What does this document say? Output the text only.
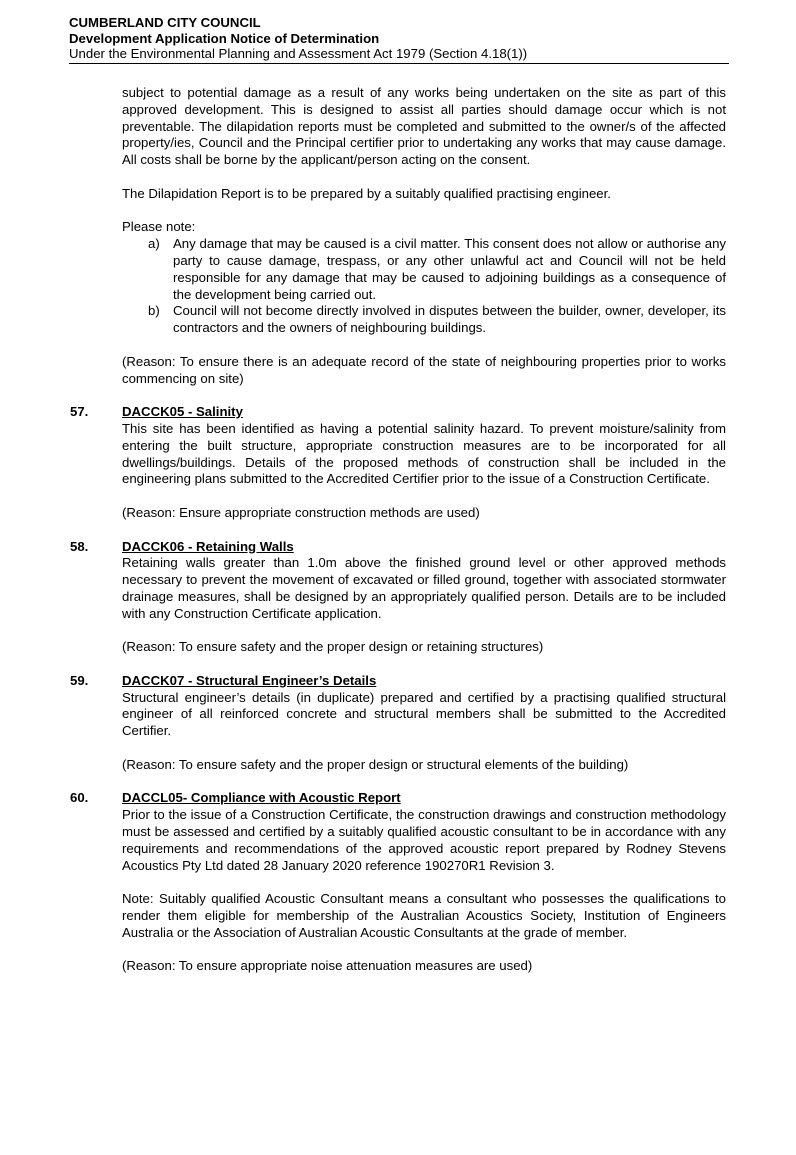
CUMBERLAND CITY COUNCIL
Development Application Notice of Determination
Under the Environmental Planning and Assessment Act 1979 (Section 4.18(1))

subject to potential damage as a result of any works being undertaken on the site as part of this approved development. This is designed to assist all parties should damage occur which is not preventable. The dilapidation reports must be completed and submitted to the owner/s of the affected property/ies, Council and the Principal certifier prior to undertaking any works that may cause damage. All costs shall be borne by the applicant/person acting on the consent.

The Dilapidation Report is to be prepared by a suitably qualified practising engineer.

Please note:

a) Any damage that may be caused is a civil matter. This consent does not allow or authorise any party to cause damage, trespass, or any other unlawful act and Council will not be held responsible for any damage that may be caused to adjoining buildings as a consequence of the development being carried out.
b) Council will not become directly involved in disputes between the builder, owner, developer, its contractors and the owners of neighbouring buildings.

(Reason: To ensure there is an adequate record of the state of neighbouring properties prior to works commencing on site)

57.	DACCK05 - Salinity

This site has been identified as having a potential salinity hazard. To prevent moisture/salinity from entering the built structure, appropriate construction measures are to be incorporated for all dwellings/buildings. Details of the proposed methods of construction shall be included in the engineering plans submitted to the Accredited Certifier prior to the issue of a Construction Certificate.

(Reason: Ensure appropriate construction methods are used)

58.	DACCK06 - Retaining Walls

Retaining walls greater than 1.0m above the finished ground level or other approved methods necessary to prevent the movement of excavated or filled ground, together with associated stormwater drainage measures, shall be designed by an appropriately qualified person. Details are to be included with any Construction Certificate application.

(Reason: To ensure safety and the proper design or retaining structures)

59.	DACCK07 - Structural Engineer’s Details

Structural engineer’s details (in duplicate) prepared and certified by a practising qualified structural engineer of all reinforced concrete and structural members shall be submitted to the Accredited Certifier.

(Reason: To ensure safety and the proper design or structural elements of the building)

60.	DACCL05- Compliance with Acoustic Report

Prior to the issue of a Construction Certificate, the construction drawings and construction methodology must be assessed and certified by a suitably qualified acoustic consultant to be in accordance with any requirements and recommendations of the approved acoustic report prepared by Rodney Stevens Acoustics Pty Ltd dated 28 January 2020 reference 190270R1 Revision 3.

Note: Suitably qualified Acoustic Consultant means a consultant who possesses the qualifications to render them eligible for membership of the Australian Acoustics Society, Institution of Engineers Australia or the Association of Australian Acoustic Consultants at the grade of member.

(Reason: To ensure appropriate noise attenuation measures are used)
